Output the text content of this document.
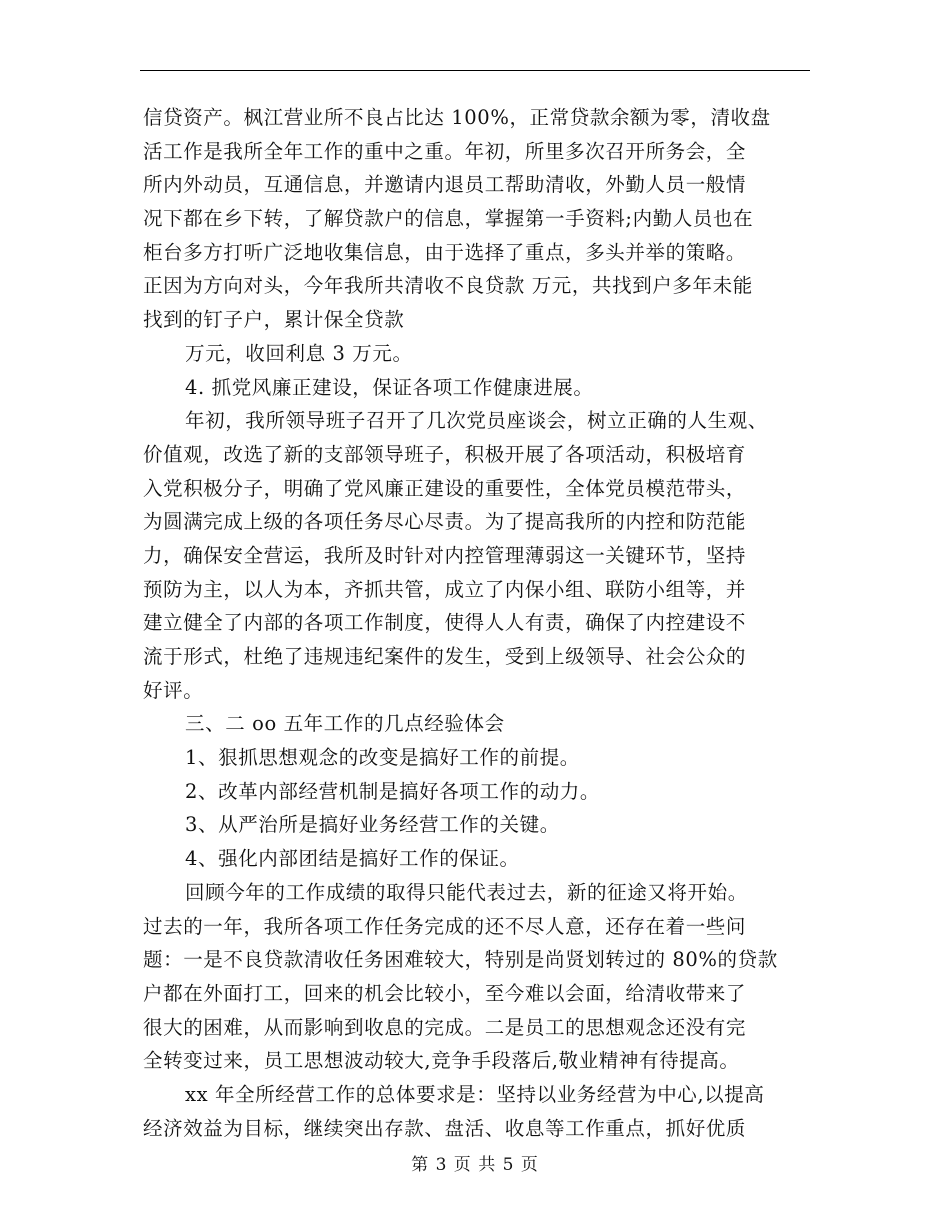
信贷资产。枫江营业所不良占比达 100%，正常贷款余额为零，清收盘
活工作是我所全年工作的重中之重。年初，所里多次召开所务会，全
所内外动员，互通信息，并邀请内退员工帮助清收，外勤人员一般情
况下都在乡下转，了解贷款户的信息，掌握第一手资料;内勤人员也在
柜台多方打听广泛地收集信息，由于选择了重点，多头并举的策略。
正因为方向对头，今年我所共清收不良贷款 万元，共找到户多年未能
找到的钉子户，累计保全贷款
万元，收回利息 3 万元。
4. 抓党风廉正建设，保证各项工作健康进展。
年初，我所领导班子召开了几次党员座谈会，树立正确的人生观、
价值观，改选了新的支部领导班子，积极开展了各项活动，积极培育
入党积极分子，明确了党风廉正建设的重要性，全体党员模范带头，
为圆满完成上级的各项任务尽心尽责。为了提高我所的内控和防范能
力，确保安全营运，我所及时针对内控管理薄弱这一关键环节，坚持
预防为主，以人为本，齐抓共管，成立了内保小组、联防小组等，并
建立健全了内部的各项工作制度，使得人人有责，确保了内控建设不
流于形式，杜绝了违规违纪案件的发生，受到上级领导、社会公众的
好评。
三、二 oo 五年工作的几点经验体会
1、狠抓思想观念的改变是搞好工作的前提。
2、改革内部经营机制是搞好各项工作的动力。
3、从严治所是搞好业务经营工作的关键。
4、强化内部团结是搞好工作的保证。
回顾今年的工作成绩的取得只能代表过去，新的征途又将开始。
过去的一年，我所各项工作任务完成的还不尽人意，还存在着一些问
题：一是不良贷款清收任务困难较大，特别是尚贤划转过的 80%的贷款
户都在外面打工，回来的机会比较小，至今难以会面，给清收带来了
很大的困难，从而影响到收息的完成。二是员工的思想观念还没有完
全转变过来，员工思想波动较大,竞争手段落后,敬业精神有待提高。
xx 年全所经营工作的总体要求是：坚持以业务经营为中心,以提高
经济效益为目标，继续突出存款、盘活、收息等工作重点，抓好优质
第 3 页 共 5 页
